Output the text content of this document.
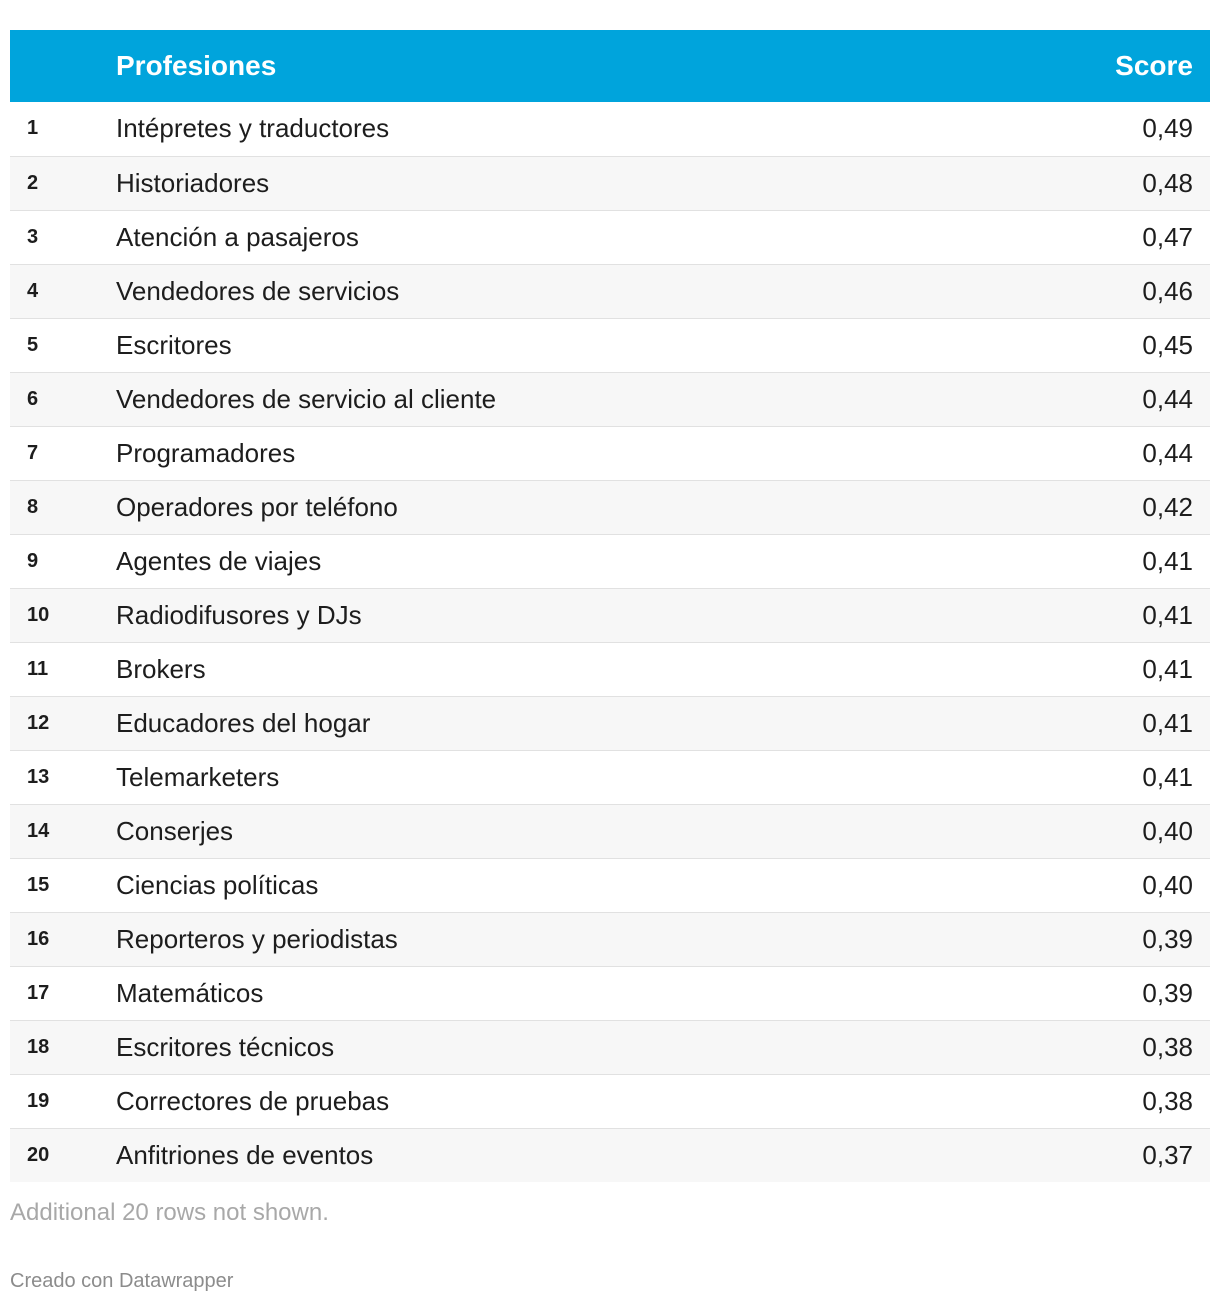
	Profesiones	Score
1	Intépretes y traductores	0,49
2	Historiadores	0,48
3	Atención a pasajeros	0,47
4	Vendedores de servicios	0,46
5	Escritores	0,45
6	Vendedores de servicio al cliente	0,44
7	Programadores	0,44
8	Operadores por teléfono	0,42
9	Agentes de viajes	0,41
10	Radiodifusores y DJs	0,41
11	Brokers	0,41
12	Educadores del hogar	0,41
13	Telemarketers	0,41
14	Conserjes	0,40
15	Ciencias políticas	0,40
16	Reporteros y periodistas	0,39
17	Matemáticos	0,39
18	Escritores técnicos	0,38
19	Correctores de pruebas	0,38
20	Anfitriones de eventos	0,37
Additional 20 rows not shown.
Creado con Datawrapper
